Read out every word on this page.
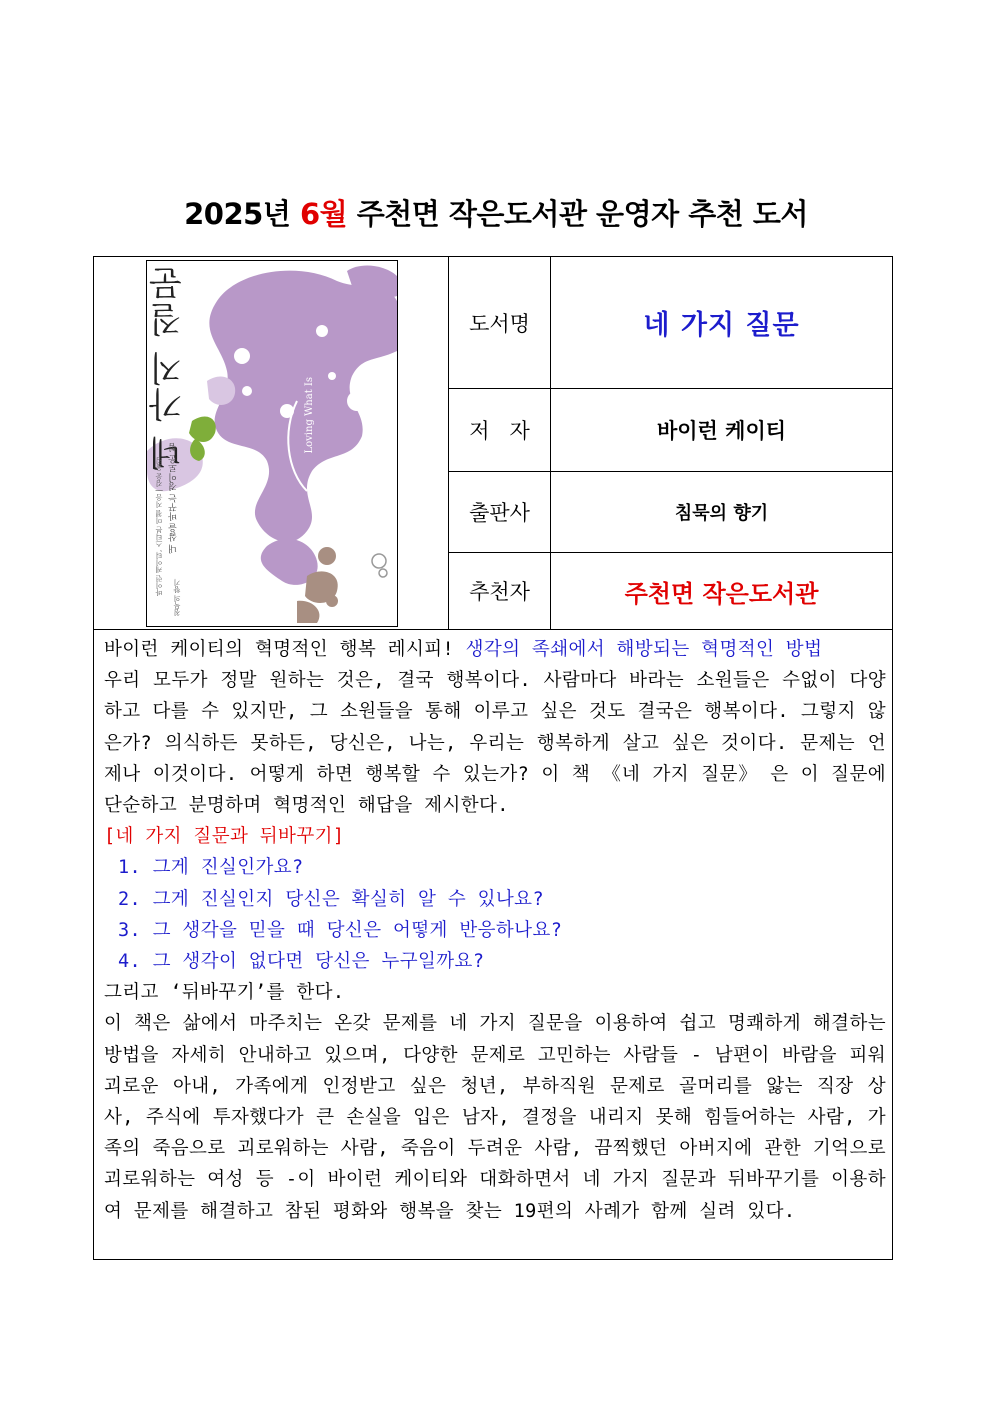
2025년 6월 주천면 작은도서관 운영자 추천 도서
도서명	네 가지 질문
저   자	바이런 케이티
출판사	침묵의 향기
추천자	주천면 작은도서관
네 가지 질문
내 삶을 바꾸는 경이로운 힘
바이런 케이티, 스티븐 미첼 지음 | 김윤 옮김
Loving What Is
침묵의 향기

바이런 케이티의 혁명적인 행복 레시피! 생각의 족쇄에서 해방되는 혁명적인 방법

우리 모두가 정말 원하는 것은, 결국 행복이다. 사람마다 바라는 소원들은 수없이 다양하고 다를 수 있지만, 그 소원들을 통해 이루고 싶은 것도 결국은 행복이다. 그렇지 않은가? 의식하든 못하든, 당신은, 나는, 우리는 행복하게 살고 싶은 것이다. 문제는 언제나 이것이다. 어떻게 하면 행복할 수 있는가? 이 책 《네 가지 질문》 은 이 질문에 단순하고 분명하며 혁명적인 해답을 제시한다.

[네 가지 질문과 뒤바꾸기]

1. 그게 진실인가요?

2. 그게 진실인지 당신은 확실히 알 수 있나요?

3. 그 생각을 믿을 때 당신은 어떻게 반응하나요?

4. 그 생각이 없다면 당신은 누구일까요?

그리고 ‘뒤바꾸기’를 한다.

이 책은 삶에서 마주치는 온갖 문제를 네 가지 질문을 이용하여 쉽고 명쾌하게 해결하는 방법을 자세히 안내하고 있으며, 다양한 문제로 고민하는 사람들 - 남편이 바람을 피워 괴로운 아내, 가족에게 인정받고 싶은 청년, 부하직원 문제로 골머리를 앓는 직장 상사, 주식에 투자했다가 큰 손실을 입은 남자, 결정을 내리지 못해 힘들어하는 사람, 가족의 죽음으로 괴로워하는 사람, 죽음이 두려운 사람, 끔찍했던 아버지에 관한 기억으로 괴로워하는 여성 등 -이 바이런 케이티와 대화하면서 네 가지 질문과 뒤바꾸기를 이용하여 문제를 해결하고 참된 평화와 행복을 찾는 19편의 사례가 함께 실려 있다.
